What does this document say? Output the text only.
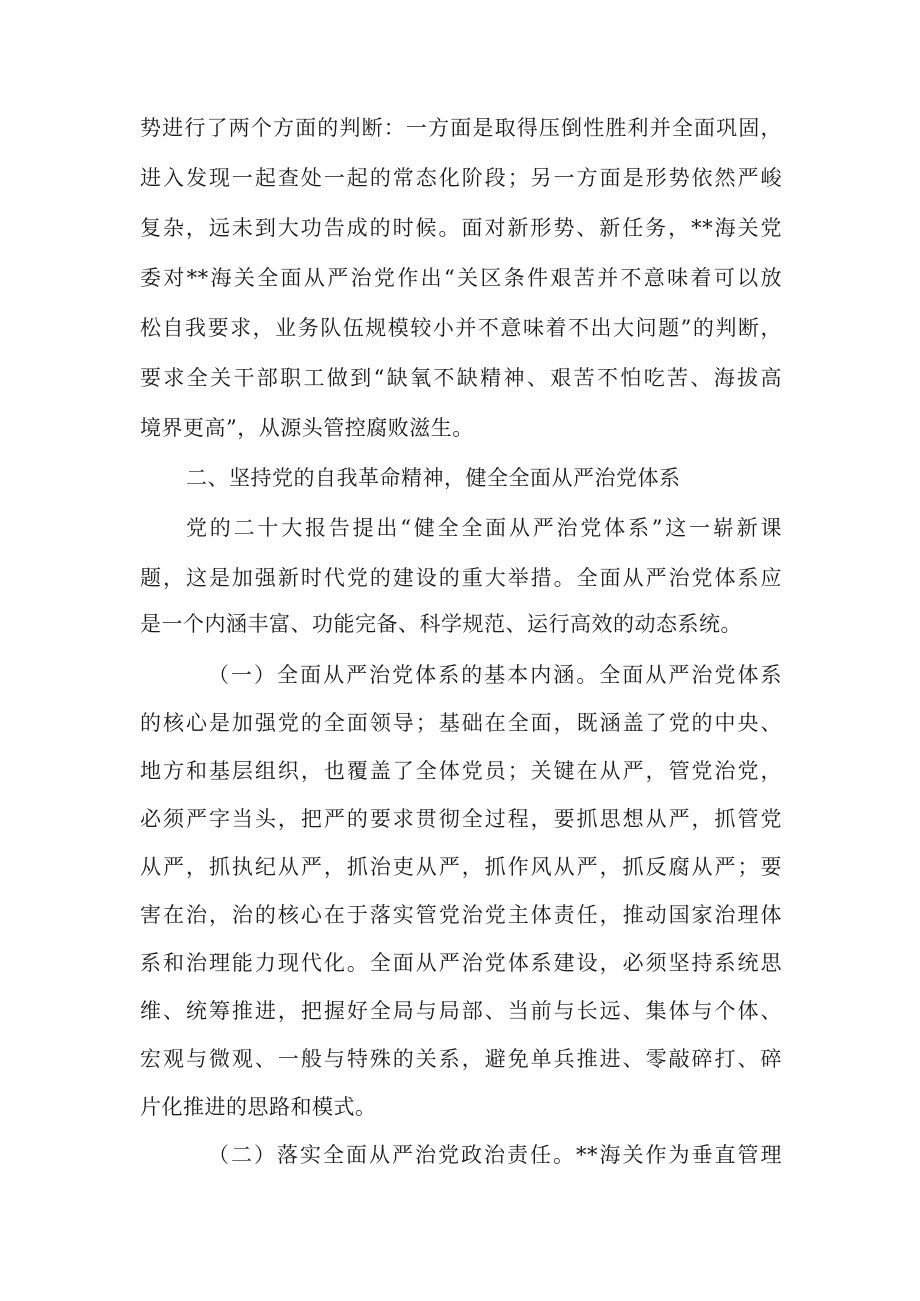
势进行了两个方面的判断：一方面是取得压倒性胜利并全面巩固，
进入发现一起查处一起的常态化阶段；另一方面是形势依然严峻
复杂，远未到大功告成的时候。面对新形势、新任务，**海关党
委对**海关全面从严治党作出“关区条件艰苦并不意味着可以放
松自我要求，业务队伍规模较小并不意味着不出大问题”的判断，
要求全关干部职工做到“缺氧不缺精神、艰苦不怕吃苦、海拔高
境界更高”，从源头管控腐败滋生。
二、坚持党的自我革命精神，健全全面从严治党体系
党的二十大报告提出“健全全面从严治党体系”这一崭新课
题，这是加强新时代党的建设的重大举措。全面从严治党体系应
是一个内涵丰富、功能完备、科学规范、运行高效的动态系统。
（一）全面从严治党体系的基本内涵。全面从严治党体系
的核心是加强党的全面领导；基础在全面，既涵盖了党的中央、
地方和基层组织，也覆盖了全体党员；关键在从严，管党治党，
必须严字当头，把严的要求贯彻全过程，要抓思想从严，抓管党
从严，抓执纪从严，抓治吏从严，抓作风从严，抓反腐从严；要
害在治，治的核心在于落实管党治党主体责任，推动国家治理体
系和治理能力现代化。全面从严治党体系建设，必须坚持系统思
维、统筹推进，把握好全局与局部、当前与长远、集体与个体、
宏观与微观、一般与特殊的关系，避免单兵推进、零敲碎打、碎
片化推进的思路和模式。
（二）落实全面从严治党政治责任。**海关作为垂直管理
